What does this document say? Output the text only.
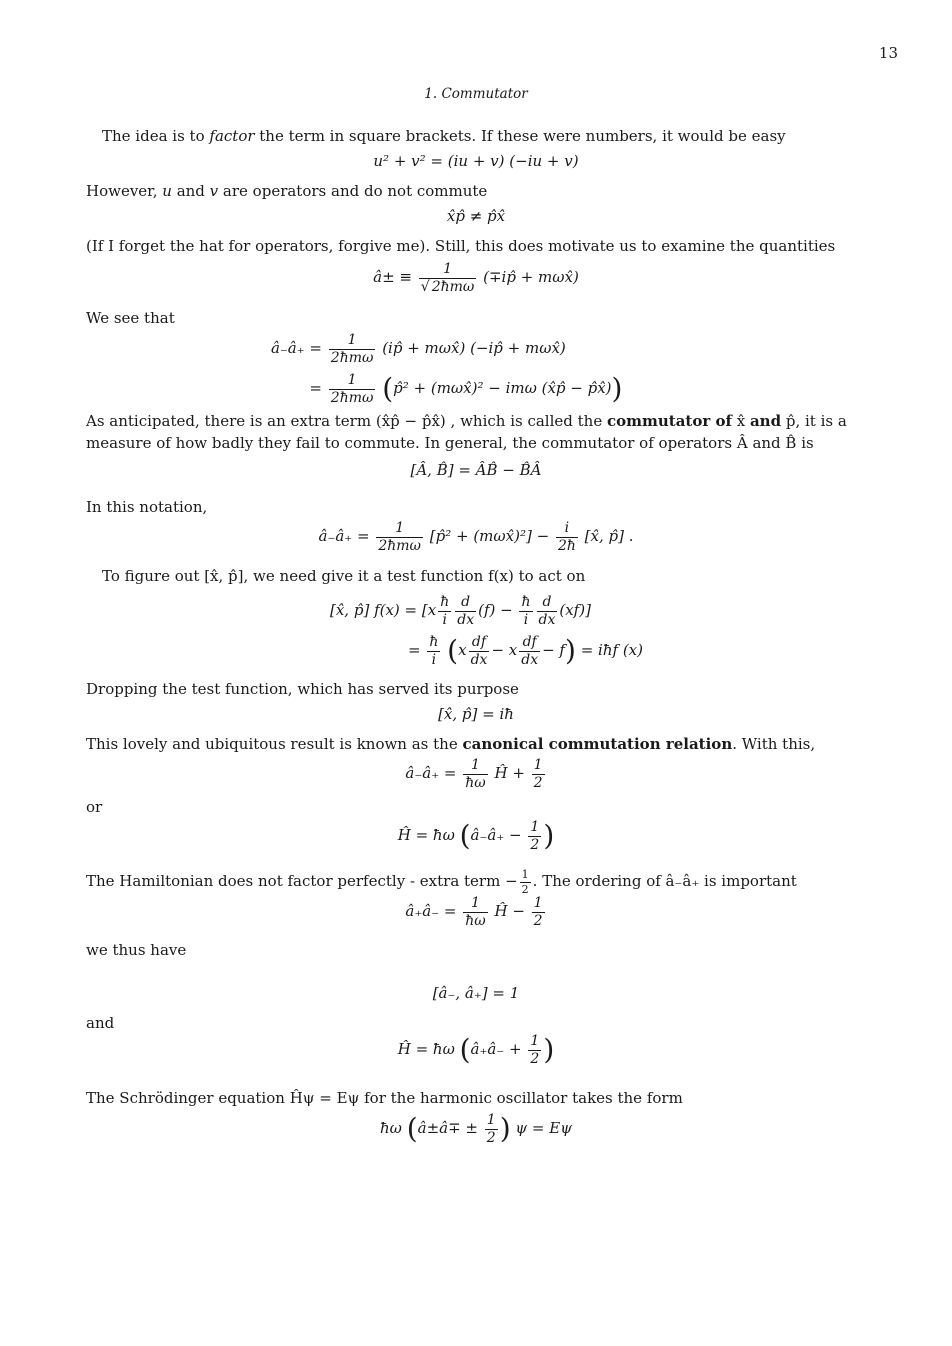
13
1. Commutator
The idea is to factor the term in square brackets. If these were numbers, it would be easy
u² + v² = (iu + v) (−iu + v)
However, u and v are operators and do not commute
x̂p̂ ≠ p̂x̂
(If I forget the hat for operators, forgive me). Still, this does motivate us to examine the quantities
â± ≡ $\frac{1}{\text{√ 2ħmω}}$ (∓ip̂ + mωx̂)
We see that
â₋â₊ = $\frac{1}{\text{2ħmω}}$ (ip̂ + mωx̂) (−ip̂ + mωx̂)
= $\frac{1}{\text{2ħmω}}$ (p̂² + (mωx̂)² − imω (x̂p̂ − p̂x̂))
As anticipated, there is an extra term (x̂p̂ − p̂x̂) , which is called the commutator of x̂ and p̂, it is a measure of how badly they fail to commute. In general, the commutator of operators Â and B̂ is
[Â, B̂] = ÂB̂ − B̂Â
In this notation,
â₋â₊ = $\frac{1}{\text{2ħmω}}$ [p̂² + (mωx̂)²] − $\frac{i}{2ħ}$ [x̂, p̂] .
To figure out [x̂, p̂], we need give it a test function f(x) to act on
[x̂, p̂] $f(x) = [x \frac{ħ}{i} \frac{d}{dx} (f) - \frac{ħ}{i} \frac{d}{dx} (xf)]$
= $\frac{ħ}{i} (x \frac{df}{dx} - x \frac{df}{dx} - f)$ = iħf (x)
Dropping the test function, which has served its purpose
[x̂, p̂] = iħ
This lovely and ubiquitous result is known as the canonical commutation relation. With this,
â₋â₊ = $\frac{1}{ħ\omega}$ Ĥ + $\frac{1}{2}$
or
Ĥ = ħω (â₋â₊ − $\frac{1}{2}$ )
The Hamiltonian does not factor perfectly - extra term − $\frac{1}{2}$ . The ordering of â₋â₊ is important
â₊â₋ = $\frac{1}{ħ\omega}$ Ĥ − $\frac{1}{2}$
we thus have
[â₋, â₊] = 1
and
Ĥ = ħω (â₊â₋ + $\frac{1}{2}$ )
The Schrödinger equation Ĥψ = Eψ for the harmonic oscillator takes the form
ħω (â±â∓ ± $\frac{1}{2}$ ) ψ = Eψ
